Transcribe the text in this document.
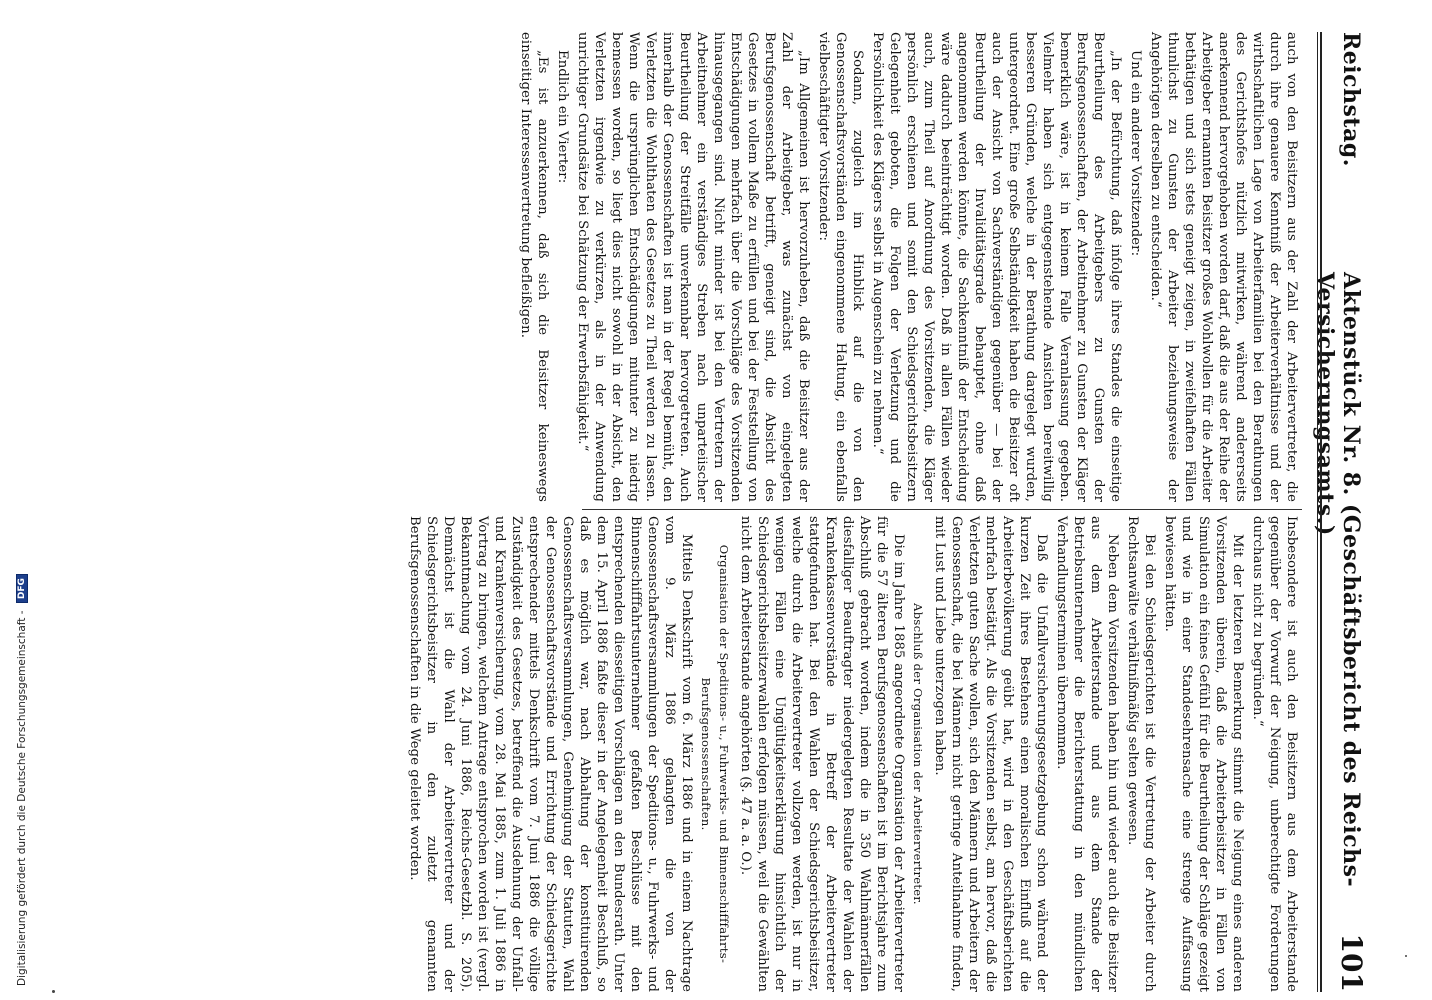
Reichstag.
Aktenstück Nr. 8. (Geschäftsbericht des Reichs-Versicherungsamts.)
101

auch von den Beisitzern aus der Zahl der Arbeitervertreter, die durch ihre genauere Kenntniß der Arbeiterverhältnisse und der wirthschaftlichen Lage von Arbeiterfamilien bei den Berathungen des Gerichtshofes nützlich mitwirken, während andererseits anerkennend hervorgehoben worden darf, daß die aus der Reihe der Arbeitgeber ernannten Beisitzer großes Wohlwollen für die Arbeiter bethätigen und sich stets geneigt zeigen, in zweifelhaften Fällen thunlichst zu Gunsten der Arbeiter beziehungsweise der Angehörigen derselben zu entscheiden.“

Und ein anderer Vorsitzender:

„In der Befürchtung, daß infolge ihres Standes die einseitige Beurtheilung des Arbeitgebers zu Gunsten der Berufsgenossenschaften, der Arbeitnehmer zu Gunsten der Kläger bemerklich wäre, ist in keinem Falle Veranlassung gegeben. Vielmehr haben sich entgegenstehende Ansichten bereitwillig besseren Gründen, welche in der Berathung dargelegt wurden, untergeordnet. Eine große Selbständigkeit haben die Beisitzer oft auch der Ansicht von Sachverständigen gegenüber — bei der Beurtheilung der Invaliditätsgrade behauptet, ohne daß angenommen werden könnte, die Sachkenntniß der Entscheidung wäre dadurch beeinträchtigt worden. Daß in allen Fällen wieder auch, zum Theil auf Anordnung des Vorsitzenden, die Kläger persönlich erschienen und somit den Schiedsgerichtsbeisitzern Gelegenheit geboten, die Folgen der Verletzung und die Persönlichkeit des Klägers selbst in Augenschein zu nehmen.“

Sodann, zugleich im Hinblick auf die von den Genossenschaftsvorständen eingenommene Haltung, ein ebenfalls vielbeschäftigter Vorsitzender:

„Im Allgemeinen ist hervorzuheben, daß die Beisitzer aus der Zahl der Arbeitgeber, was zunächst von eingelegten Berufsgenossenschaft betrifft, geneigt sind, die Absicht des Gesetzes in vollem Maße zu erfüllen und bei der Feststellung von Entschädigungen mehrfach über die Vorschläge des Vorsitzenden hinausgegangen sind. Nicht minder ist bei den Vertretern der Arbeitnehmer ein verständiges Streben nach unparteiischer Beurtheilung der Streitfälle unverkennbar hervorgetreten. Auch innerhalb der Genossenschaften ist man in der Regel bemüht, den Verletzten die Wohlthaten des Gesetzes zu Theil werden zu lassen. Wenn die ursprünglichen Entschädigungen mitunter zu niedrig bemessen worden, so liegt dies nicht sowohl in der Absicht, den Verletzten irgendwie zu verkürzen, als in der Anwendung unrichtiger Grundsätze bei Schätzung der Erwerbsfähigkeit.“

Endlich ein Vierter:

„Es ist anzuerkennen, daß sich die Beisitzer keineswegs einseitiger Interessenvertretung befleißigen.

Insbesondere ist auch den Beisitzern aus dem Arbeiterstande gegenüber der Vorwurf der Neigung, unberechtigte Forderungen durchaus nicht zu begründen.“

Mit der letzteren Bemerkung stimmt die Neigung eines anderen Vorsitzenden überein, daß die Arbeiterbeisitzer in Fällen von Simulation ein feines Gefühl für die Beurtheilung der Schläge gezeigt und wie in einer Standesehrensache eine strenge Auffassung bewiesen hätten.

Bei den Schiedsgerichten ist die Vertretung der Arbeiter durch Rechtsanwälte verhältnißmäßig selten gewesen.

Neben dem Vorsitzenden haben hin und wieder auch die Beisitzer aus dem Arbeiterstande und aus dem Stande der Betriebsunternehmer die Berichterstattung in den mündlichen Verhandlungsterminen übernommen.

Daß die Unfallversicherungsgesetzgebung schon während der kurzen Zeit ihres Bestehens einen moralischen Einfluß auf die Arbeiterbevölkerung geübt hat, wird in den Geschäftsberichten mehrfach bestätigt. Als die Vorsitzenden selbst, am hervor, daß die Verletzten guten Sache wollen, sich den Männern und Arbeitern der Genossenschaft, die bei Männern nicht geringe Anteilnahme finden, mit Lust und Liebe unterzogen haben.

Abschluß der Organisation der Arbeitervertreter.

Die im Jahre 1885 angeordnete Organisation der Arbeitervertreter für die 57 älteren Berufsgenossenschaften ist im Berichtsjahre zum Abschluß gebracht worden, indem die in 350 Wahlmännerfällen diesfalliger Beauftragter niedergelegten Resultate der Wahlen der Krankenkassenvorstände in Betreff der Arbeitervertreter stattgefunden hat. Bei den Wahlen der Schiedsgerichtsbeisitzer, welche durch die Arbeitervertreter vollzogen werden, ist nur in wenigen Fällen eine Ungültigkeitserklärung hinsichtlich der Schiedsgerichtsbeisitzerwahlen erfolgen müssen, weil die Gewählten nicht dem Arbeiterstande angehörten (§. 47 a. a. O.).

Organisation der Speditions- u., Fuhrwerks- und Binnenschifffahrts-
Berufsgenossenschaften.

Mittels Denkschrift vom 6. März 1886 und in einem Nachtrage vom 9. März 1886 gelangten die von der Genossenschaftsversammlungen der Speditions- u., Fuhrwerks- und Binnenschifffahrtsunternehmer gefaßten Beschlüsse mit den entsprechenden diesseitigen Vorschlägen an den Bundesrath. Unter dem 15. April 1886 faßte dieser in der Angelegenheit Beschluß, so daß es möglich war, nach Abhaltung der konstituirenden Genossenschaftsversammlungen, Genehmigung der Statuten, Wahl der Genossenschaftsvorstände und Errichtung der Schiedsgerichte entsprechender mittels Denkschrift vom 7. Juni 1886 die völlige Zuständigkeit des Gesetzes, betreffend die Ausdehnung der Unfall- und Krankenversicherung, vom 28. Mai 1885, zum 1. Juli 1886 in Vortrag zu bringen, welchem Antrage entsprochen worden ist (vergl. Bekanntmachung vom 24. Juni 1886, Reichs-Gesetzbl. S. 205). Demnächst ist die Wahl der Arbeitervertreter und der Schiedsgerichtsbeisitzer in den zuletzt genannten Berufsgenossenschaften in die Wege geleitet worden.

Digitalisierung gefördert durch die Deutsche Forschungsgemeinschaft - DFG
